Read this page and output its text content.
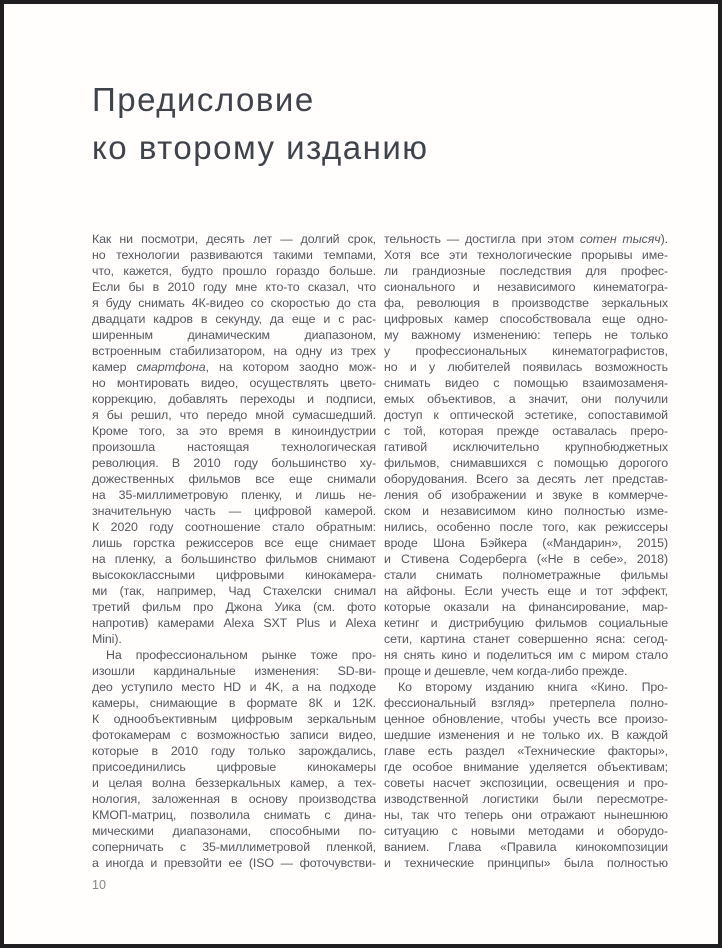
Предисловие
ко второму изданию
Как ни посмотри, десять лет — долгий срок,
но технологии развиваются такими темпами,
что, кажется, будто прошло гораздо больше.
Если бы в 2010 году мне кто-то сказал, что
я буду снимать 4К-видео со скоростью до ста
двадцати кадров в секунду, да еще и с рас-
ширенным динамическим диапазоном,
встроенным стабилизатором, на одну из трех
камер смартфона, на котором заодно мож-
но монтировать видео, осуществлять цвето-
коррекцию, добавлять переходы и подписи,
я бы решил, что передо мной сумасшедший.
Кроме того, за это время в киноиндустрии
произошла настоящая технологическая
революция. В 2010 году большинство ху-
дожественных фильмов все еще снимали
на 35-миллиметровую пленку, и лишь не-
значительную часть — цифровой камерой.
К 2020 году соотношение стало обратным:
лишь горстка режиссеров все еще снимает
на пленку, а большинство фильмов снимают
высококлассными цифровыми кинокамера-
ми (так, например, Чад Стахелски снимал
третий фильм про Джона Уика (см. фото
напротив) камерами Alexa SXT Plus и Alexa
Mini).
На профессиональном рынке тоже про-
изошли кардинальные изменения: SD-ви-
део уступило место HD и 4K, а на подходе
камеры, снимающие в формате 8К и 12К.
К однообъективным цифровым зеркальным
фотокамерам с возможностью записи видео,
которые в 2010 году только зарождались,
присоединились цифровые кинокамеры
и целая волна беззеркальных камер, а тех-
нология, заложенная в основу производства
КМОП-матриц, позволила снимать с дина-
мическими диапазонами, способными по-
соперничать с 35-миллиметровой пленкой,
а иногда и превзойти ее (ISO — фоточувстви-
тельность — достигла при этом сотен тысяч).
Хотя все эти технологические прорывы име-
ли грандиозные последствия для профес-
сионального и независимого кинематогра-
фа, революция в производстве зеркальных
цифровых камер способствовала еще одно-
му важному изменению: теперь не только
у профессиональных кинематографистов,
но и у любителей появилась возможность
снимать видео с помощью взаимозаменя-
емых объективов, а значит, они получили
доступ к оптической эстетике, сопоставимой
с той, которая прежде оставалась преро-
гативой исключительно крупнобюджетных
фильмов, снимавшихся с помощью дорогого
оборудования. Всего за десять лет представ-
ления об изображении и звуке в коммерче-
ском и независимом кино полностью изме-
нились, особенно после того, как режиссеры
вроде Шона Бэйкера («Мандарин», 2015)
и Стивена Содерберга («Не в себе», 2018)
стали снимать полнометражные фильмы
на айфоны. Если учесть еще и тот эффект,
которые оказали на финансирование, мар-
кетинг и дистрибуцию фильмов социальные
сети, картина станет совершенно ясна: сегод-
ня снять кино и поделиться им с миром стало
проще и дешевле, чем когда-либо прежде.
Ко второму изданию книга «Кино. Про-
фессиональный взгляд» претерпела полно-
ценное обновление, чтобы учесть все произо-
шедшие изменения и не только их. В каждой
главе есть раздел «Технические факторы»,
где особое внимание уделяется объективам;
советы насчет экспозиции, освещения и про-
изводственной логистики были пересмотре-
ны, так что теперь они отражают нынешнюю
ситуацию с новыми методами и оборудо-
ванием. Глава «Правила кинокомпозиции
и технические принципы» была полностью
10
